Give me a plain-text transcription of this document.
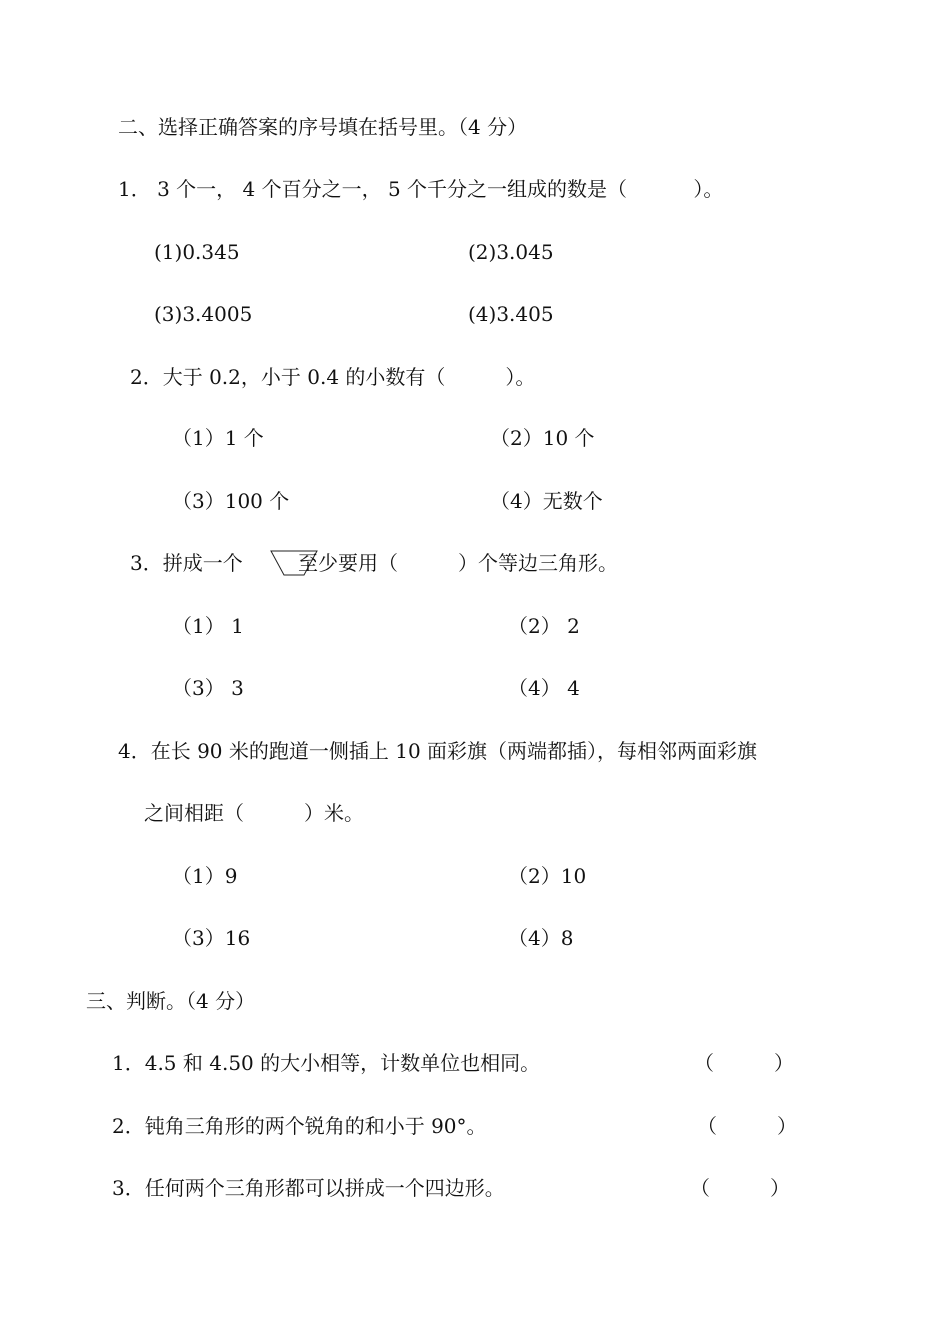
二、选择正确答案的序号填在括号里。（4 分）
1． 3 个一， 4 个百分之一， 5 个千分之一组成的数是（　　　 ）。
(1)0.345	(2)3.045
(3)3.4005	(4)3.405
2．大于 0.2，小于 0.4 的小数有（　　　）。
（1）1 个	（2）10 个
（3）100 个	（4）无数个
3．拼成一个	至少要用（　　　）个等边三角形。
（1） 1	（2） 2
（3） 3	（4） 4
4．在长 90 米的跑道一侧插上 10 面彩旗（两端都插），每相邻两面彩旗
之间相距（　　　）米。
（1）9	（2）10
（3）16	（4）8
三、判断。（4 分）
1．4.5 和 4.50 的大小相等，计数单位也相同。	（　　　）
2．钝角三角形的两个锐角的和小于 90°。	（　　　）
3．任何两个三角形都可以拼成一个四边形。	（　　　）
